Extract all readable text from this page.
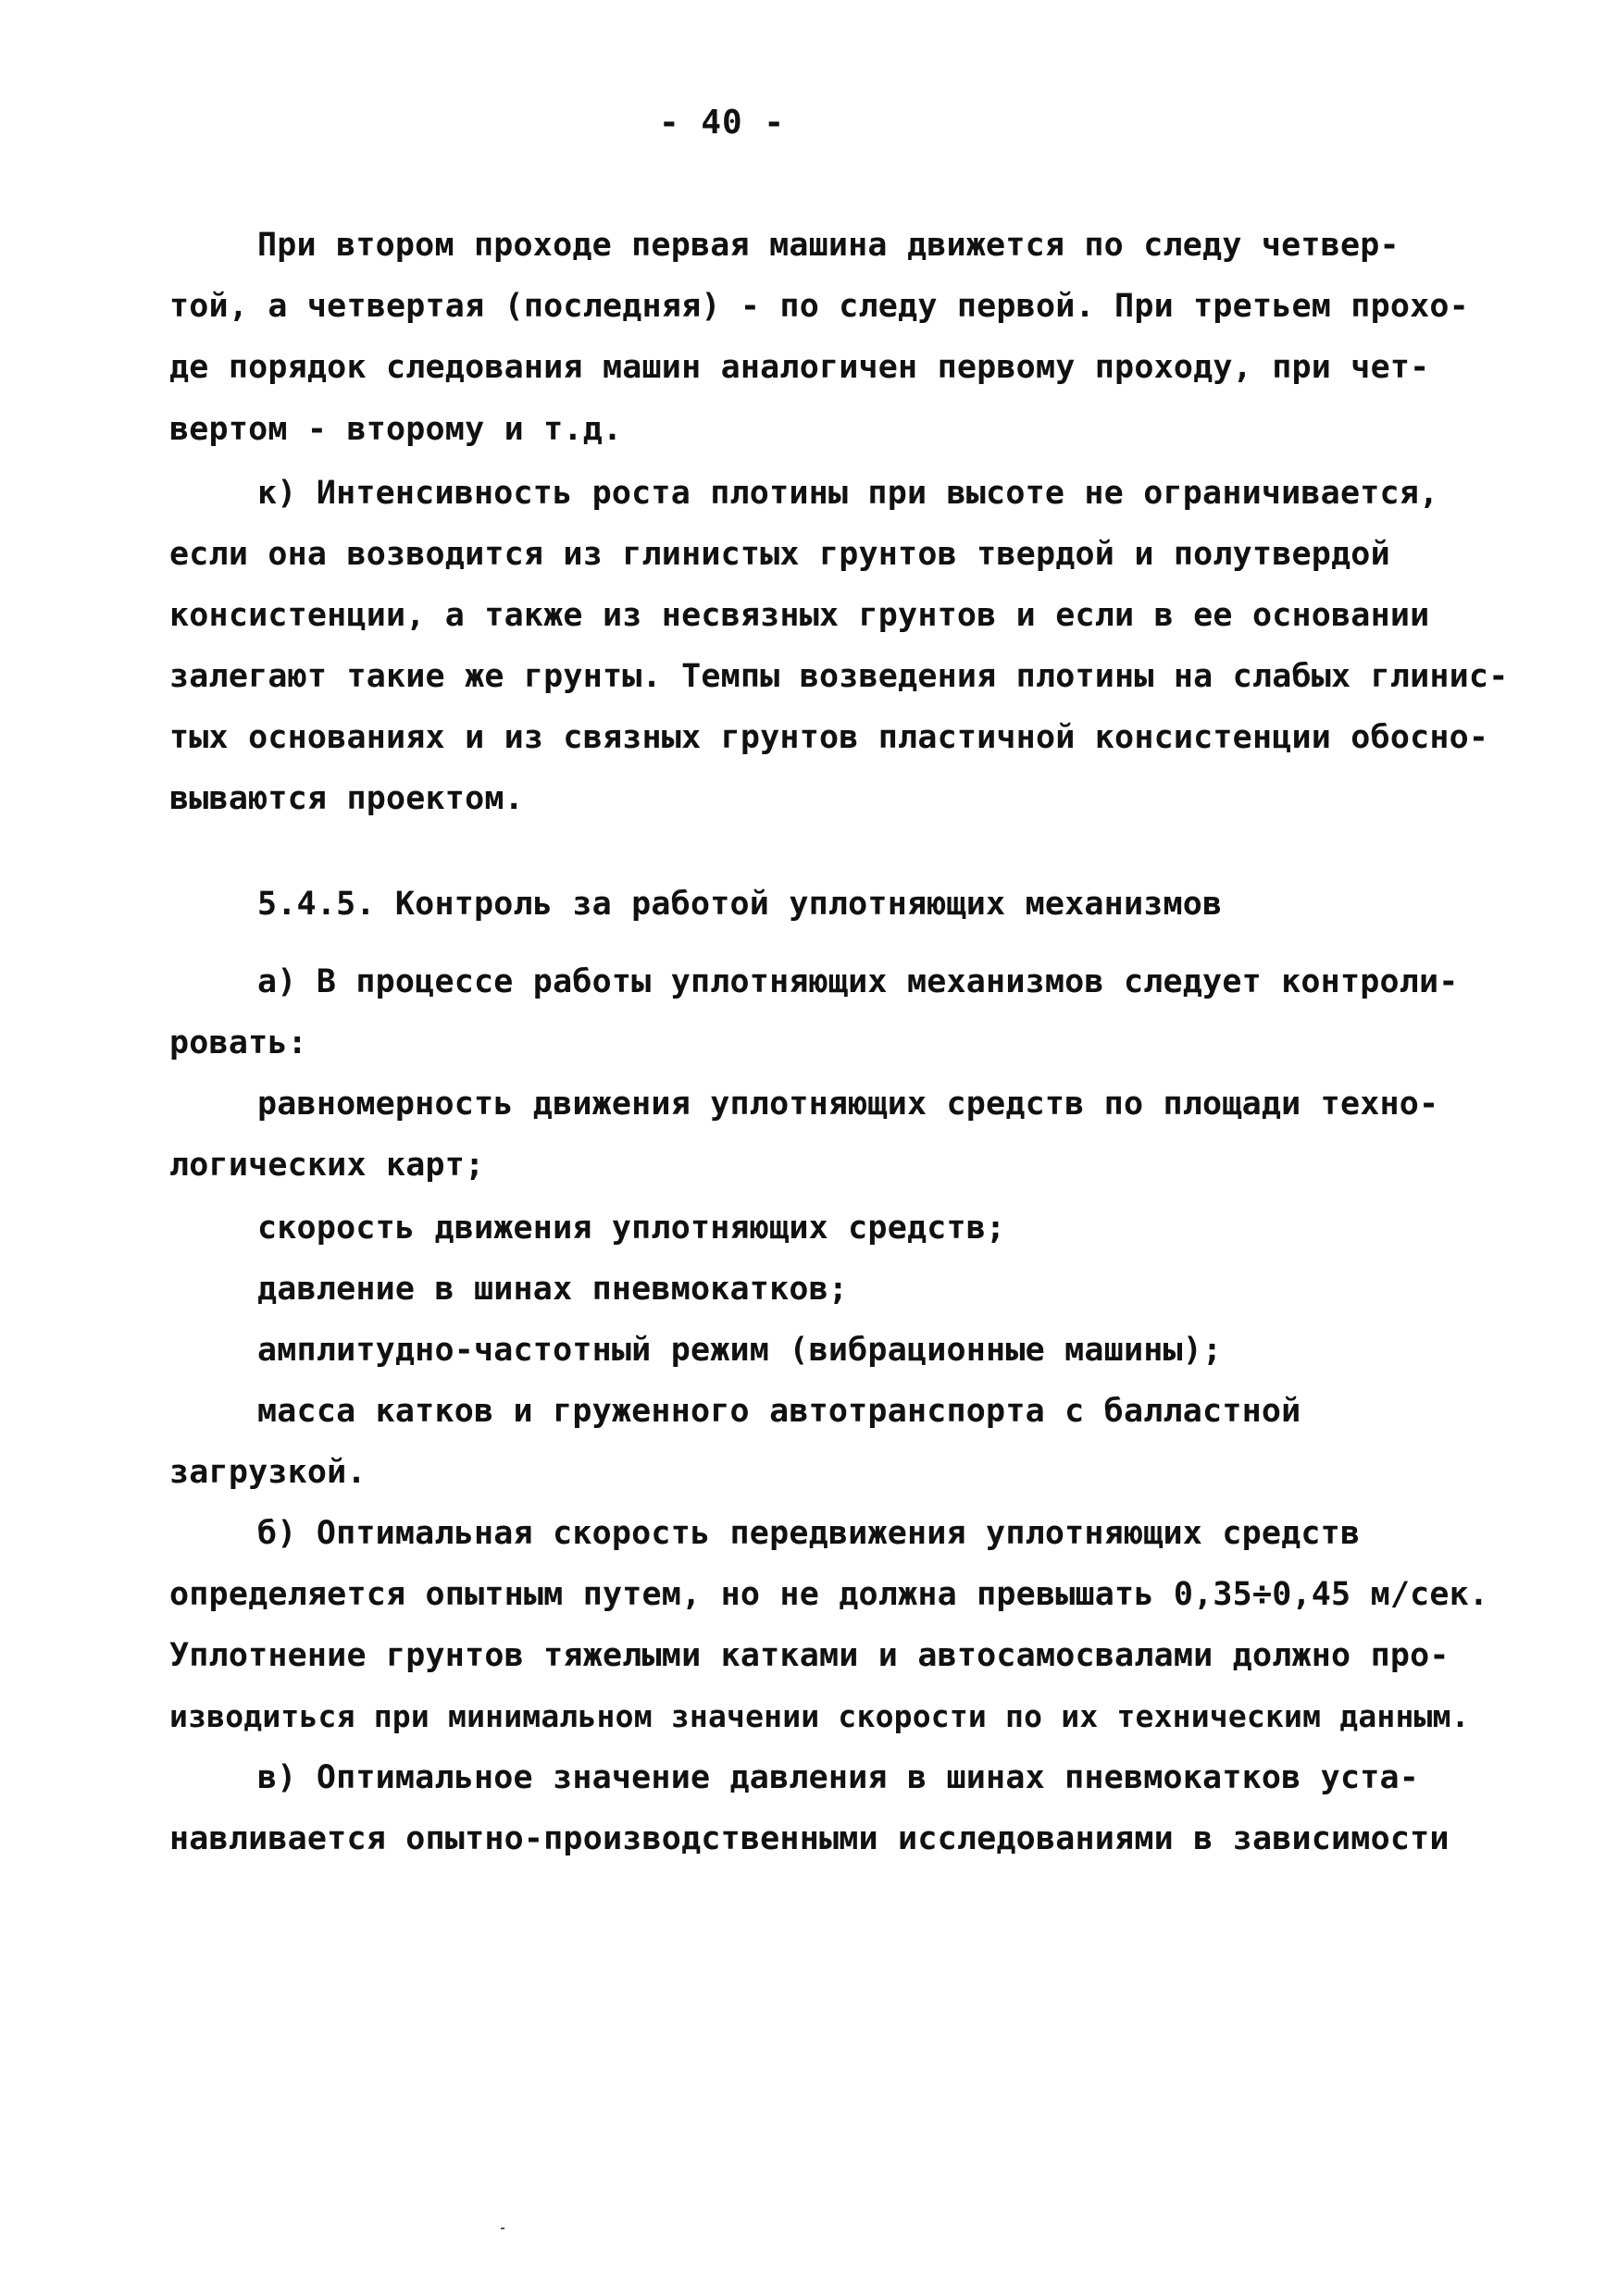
- 40 -
При втором проходе первая машина движется по следу четвер-
той, а четвертая (последняя) - по следу первой. При третьем прохо-
де порядок следования машин аналогичен первому проходу, при чет-
вертом - второму и т.д.
к) Интенсивность роста плотины при высоте не ограничивается,
если она возводится из глинистых грунтов твердой и полутвердой
консистенции, а также из несвязных грунтов и если в ее основании
залегают такие же грунты. Темпы возведения плотины на слабых глинис-
тых основаниях и из связных грунтов пластичной консистенции обосно-
вываются проектом.
5.4.5. Контроль за работой уплотняющих механизмов
а) В процессе работы уплотняющих механизмов следует контроли-
ровать:
равномерность движения уплотняющих средств по площади техно-
логических карт;
скорость движения уплотняющих средств;
давление в шинах пневмокатков;
амплитудно-частотный режим (вибрационные машины);
масса катков и груженного автотранспорта с балластной
загрузкой.
б) Оптимальная скорость передвижения уплотняющих средств
определяется опытным путем, но не должна превышать 0,35÷0,45 м/сек.
Уплотнение грунтов тяжелыми катками и автосамосвалами должно про-
изводиться при минимальном значении скорости по их техническим данным.
в) Оптимальное значение давления в шинах пневмокатков уста-
навливается опытно-производственными исследованиями в зависимости
